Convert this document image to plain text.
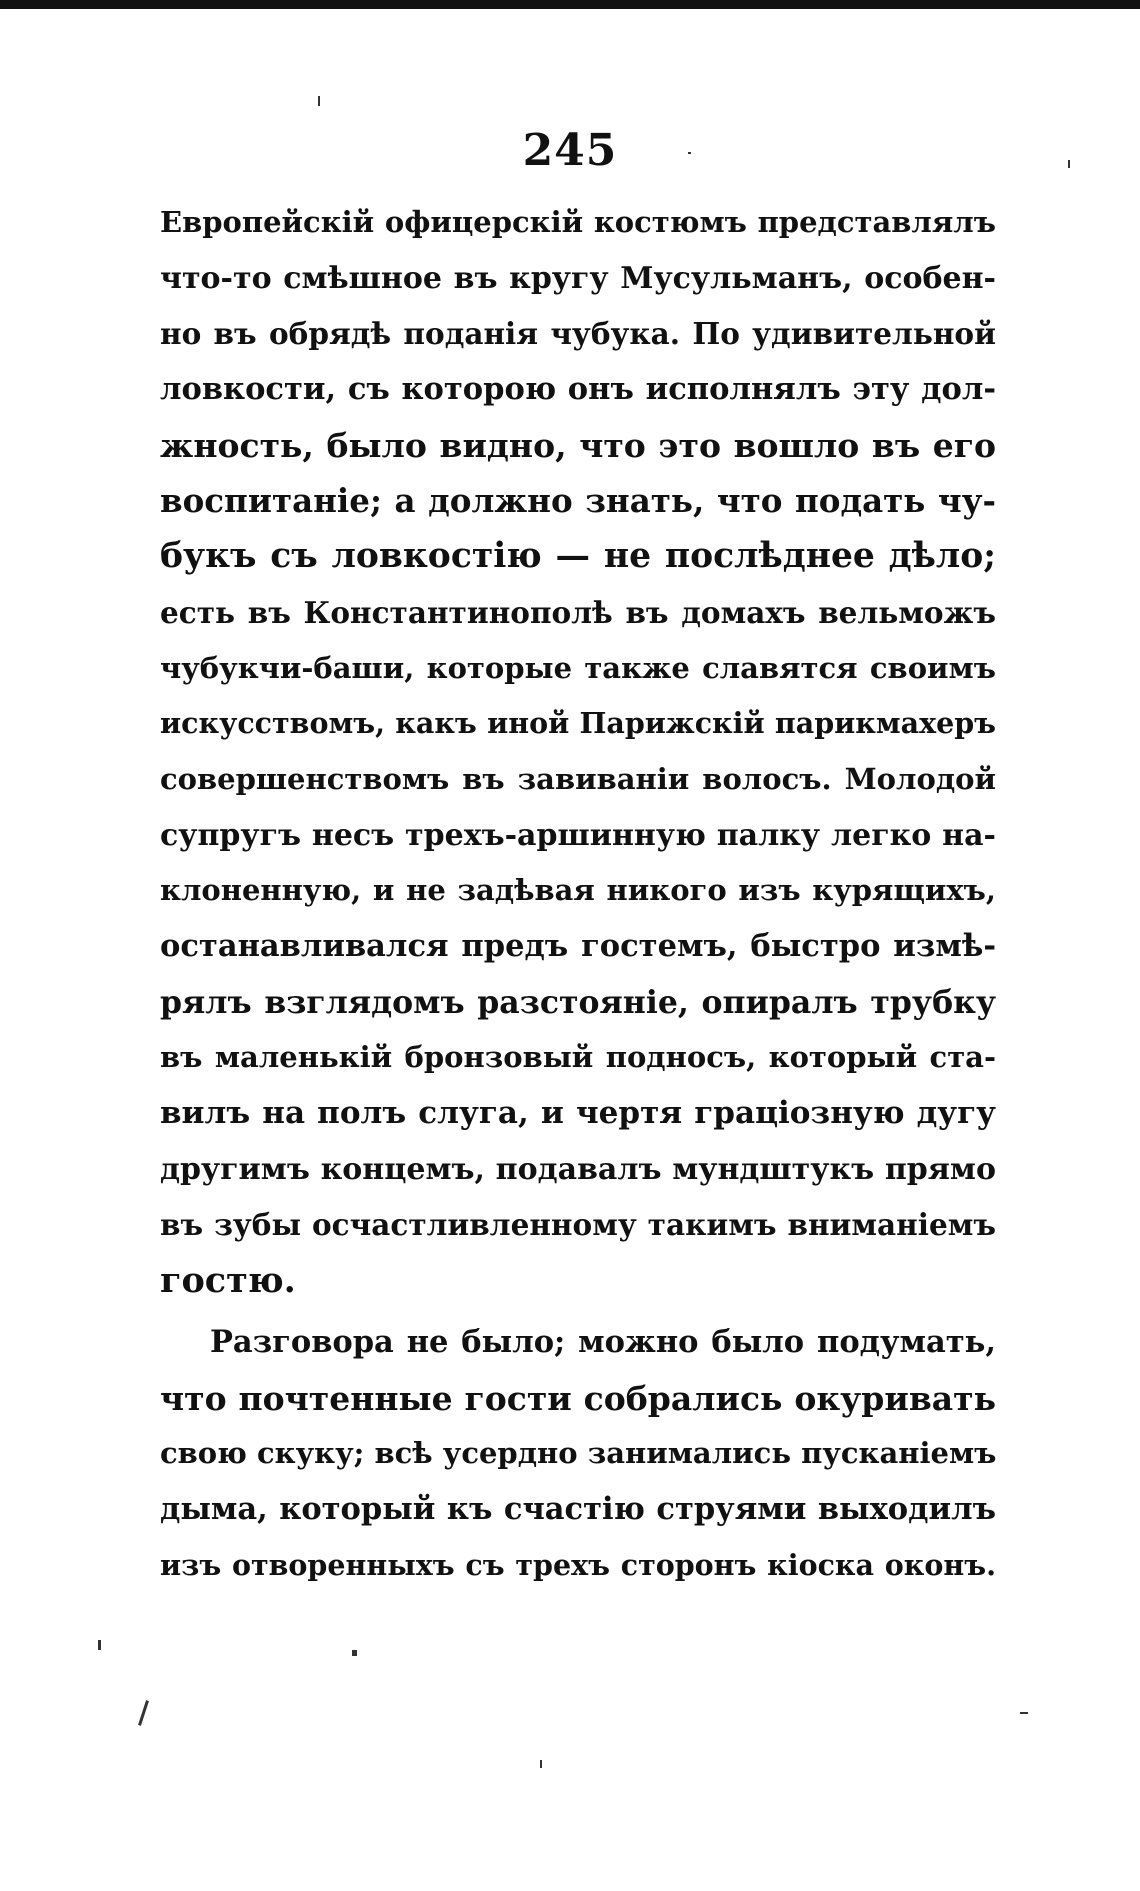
245
Европейскій офицерскій костюмъ представлялъ
что-то смѣшное въ кругу Мусульманъ, особен-
но въ обрядѣ поданія чубука. По удивительной
ловкости, съ которою онъ исполнялъ эту дол-
жность, было видно, что это вошло въ его
воспитаніе; а должно знать, что подать чу-
букъ съ ловкостію — не послѣднее дѣло;
есть въ Константинополѣ въ домахъ вельможъ
чубукчи-баши, которые также славятся своимъ
искусствомъ, какъ иной Парижскій парикмахеръ
совершенствомъ въ завиваніи волосъ. Молодой
супругъ несъ трехъ-аршинную палку легко на-
клоненную, и не задѣвая никого изъ курящихъ,
останавливался предъ гостемъ, быстро измѣ-
рялъ взглядомъ разстояніе, опиралъ трубку
въ маленькій бронзовый подносъ, который ста-
вилъ на полъ слуга, и чертя граціозную дугу
другимъ концемъ, подавалъ мундштукъ прямо
въ зубы осчастливленному такимъ вниманіемъ
гостю.
Разговора не было; можно было подумать,
что почтенные гости собрались окуривать
свою скуку; всѣ усердно занимались пусканіемъ
дыма, который къ счастію струями выходилъ
изъ отворенныхъ съ трехъ сторонъ кіоска оконъ.
